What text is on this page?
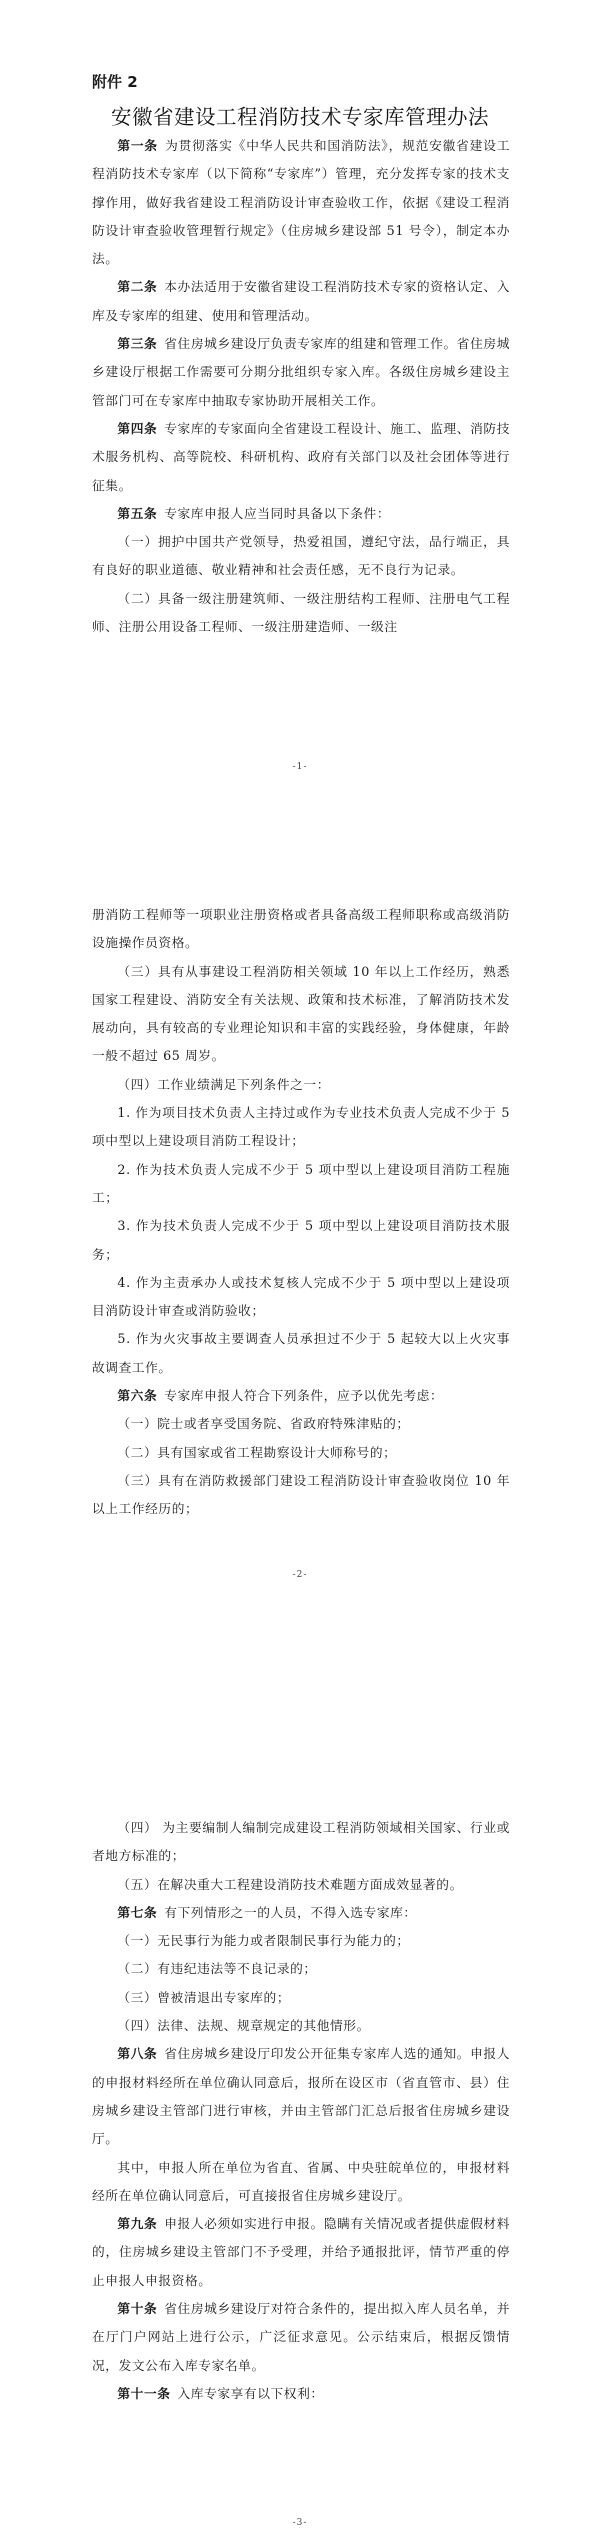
附件 2
安徽省建设工程消防技术专家库管理办法

第一条  为贯彻落实《中华人民共和国消防法》，规范安徽省建设工程消防技术专家库（以下简称“专家库”）管理，充分发挥专家的技术支撑作用，做好我省建设工程消防设计审查验收工作，依据《建设工程消防设计审查验收管理暂行规定》（住房城乡建设部 51 号令），制定本办法。

第二条  本办法适用于安徽省建设工程消防技术专家的资格认定、入库及专家库的组建、使用和管理活动。

第三条  省住房城乡建设厅负责专家库的组建和管理工作。省住房城乡建设厅根据工作需要可分期分批组织专家入库。各级住房城乡建设主管部门可在专家库中抽取专家协助开展相关工作。

第四条  专家库的专家面向全省建设工程设计、施工、监理、消防技术服务机构、高等院校、科研机构、政府有关部门以及社会团体等进行征集。

第五条  专家库申报人应当同时具备以下条件：

（一）拥护中国共产党领导，热爱祖国，遵纪守法，品行端正，具有良好的职业道德、敬业精神和社会责任感，无不良行为记录。

（二）具备一级注册建筑师、一级注册结构工程师、注册电气工程师、注册公用设备工程师、一级注册建造师、一级注

-1-

册消防工程师等一项职业注册资格或者具备高级工程师职称或高级消防设施操作员资格。

（三）具有从事建设工程消防相关领域 10 年以上工作经历，熟悉国家工程建设、消防安全有关法规、政策和技术标准，了解消防技术发展动向，具有较高的专业理论知识和丰富的实践经验，身体健康，年龄一般不超过 65 周岁。

（四）工作业绩满足下列条件之一：

1. 作为项目技术负责人主持过或作为专业技术负责人完成不少于 5 项中型以上建设项目消防工程设计；

2. 作为技术负责人完成不少于 5 项中型以上建设项目消防工程施工；

3. 作为技术负责人完成不少于 5 项中型以上建设项目消防技术服务；

4. 作为主责承办人或技术复核人完成不少于 5 项中型以上建设项目消防设计审查或消防验收；

5. 作为火灾事故主要调查人员承担过不少于 5 起较大以上火灾事故调查工作。

第六条  专家库申报人符合下列条件，应予以优先考虑：

（一）院士或者享受国务院、省政府特殊津贴的；

（二）具有国家或省工程勘察设计大师称号的；

（三）具有在消防救援部门建设工程消防设计审查验收岗位 10 年以上工作经历的；

-2-

（四） 为主要编制人编制完成建设工程消防领域相关国家、行业或者地方标准的；

（五）在解决重大工程建设消防技术难题方面成效显著的。

第七条  有下列情形之一的人员，不得入选专家库：

（一）无民事行为能力或者限制民事行为能力的；

（二）有违纪违法等不良记录的；

（三）曾被清退出专家库的；

（四）法律、法规、规章规定的其他情形。

第八条  省住房城乡建设厅印发公开征集专家库人选的通知。申报人的申报材料经所在单位确认同意后，报所在设区市（省直管市、县）住房城乡建设主管部门进行审核，并由主管部门汇总后报省住房城乡建设厅。

其中，申报人所在单位为省直、省属、中央驻皖单位的，申报材料经所在单位确认同意后，可直接报省住房城乡建设厅。

第九条  申报人必须如实进行申报。隐瞒有关情况或者提供虚假材料的，住房城乡建设主管部门不予受理，并给予通报批评，情节严重的停止申报人申报资格。

第十条  省住房城乡建设厅对符合条件的，提出拟入库人员名单，并在厅门户网站上进行公示，广泛征求意见。公示结束后，根据反馈情况，发文公布入库专家名单。

第十一条  入库专家享有以下权利：

-3-
